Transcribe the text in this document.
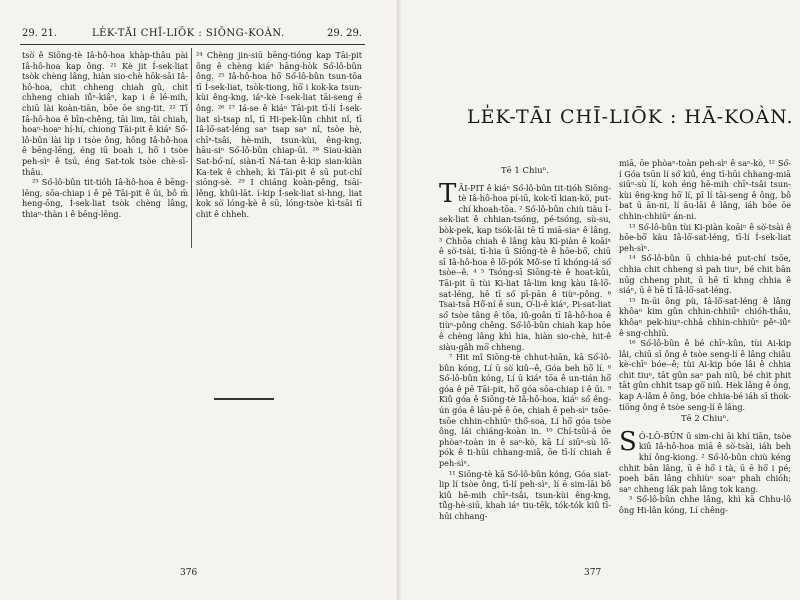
29. 21.	LE̍K-TĀI CHĪ-LIŌK : SIŌNG-KOÀN.	29. 29.

tsò͘ ê Siōng-tè Iâ-hô-hoa khàp-thâu pài Iâ-hô-hoa kap ông. ²¹ Kè jit Í-sek-liat tsòk chèng lâng, hiàn sio-chè hōk-sāi Iâ-hô-hoa, chit chheng chiah gû, chit chheng chiah iû̍ⁿ-kiâⁿ, kap i ê lé-mih, chiū lài koàn-tiān, bōe ōe sng-tit. ²² Tī Iâ-hô-hoa ê bīn-chêng, tāi lim, tāi chiah, hoaⁿ-hoaⁿ hí-hí, chiong Tāi-pit ê kiáⁿ Só͘-lô-bûn lài lip i tsòe ông, hông Iâ-hô-hoa ê bēng-lēng, éng iū boah i, hō͘ i tsòe peh-sìⁿ ê tsú, éng Sat-tok tsòe chè-sī-thâu.

²³ Só͘-lô-bûn tit-tióh Iâ-hô-hoa ê bēng-lēng, sōa-chiap i ê pē Tāi-pit ê ūi, bô m̄ heng-ōng, Í-sek-liat tsòk chèng lâng, thiaⁿ-thàn i ê bēng-lēng.

²⁴ Chèng jin-siū bēng-tióng kap Tāi-pit ông ê chèng kiáⁿ hāng-hòk Só͘-lô-bûn ông. ²⁵ Iâ-hô-hoa hō͘ Só͘-lô-bûn tsun-tōa tī Í-sek-liat, tsòk-tiong, hō͘ i kok-ka tsun-kùi êng-kng, iáⁿ-kè Í-sek-liat tāi-seng ê ông. ²⁶ ²⁷ Iá-se ê kiáⁿ Tāi-pit tī-lí Í-sek-liat sì-tsap nî, tī Hi-pek-lûn chhit nî, tī Iâ-lō͘-sat-léng saⁿ tsap saⁿ nî, tsòe hè, chīⁿ-tsâi, hè-mih, tsun-kùi, êng-kng, hāu-siⁿ Só͘-lô-bûn chiap-ūi. ²⁸ Siau-kiàn Sat-bó͘-ní, siàn-tī Ná-tan ê-kip sian-kiàn Ka-tek ê chheh, kì Tāi-pit ê sū put-chî siōng-sè. ²⁹ I chiáng koàn-pêng, tsāi-lêng, khûi-lāt. í-kip Í-sek-liat sì-hng, liat kok sò͘ lóng-kè ê sū, lóng-tsòe kì-tsāi tī chit ê chheh.

376
LE̍K-TĀI CHĪ-LIŌK : HĀ-KOÀN.
Tē 1 Chiuⁿ.

TĀI-PIT ê kiáⁿ Só͘-lô-bûn tit-tióh Siōng-tè Iâ-hô-hoa pí-iū, kok-tī kian-kò͘, put-chí khoah-tōa. ² Só͘-lô-bûn chiù tiàu Í-sek-liat ê chhian-tsóng, pé-tsóng, sù-su, bòk-pek, kap tsók-lāi tē tī miā-siaⁿ ê lâng. ³ Chhōa chiah ê lâng kàu Ki-piàn ê koāiⁿ ê sò͘-tsài, tī-hia ū Siōng-tè ê hōe-bō͘, chiū sī Iâ-hô-hoa ê lō͘-pók Mô͘-se tī khóng-iá só͘ tsòe--ê. ⁴ ⁵ Tsóng-sī Siōng-tè ê hoat-kūi, Tāi-pit ū tùi Ki-liat Iâ-lim kng kàu Iâ-lō͘-sat-léng, hē tī só͘ pī-pān ê tiùⁿ-pông. ⁶ Tsai-tsā Hô͘-ní ê sun, O͘-li-ê kiáⁿ, Pi-sat-liat só͘ tsòe tâng ê tôa, iû-goân tī Iâ-hô-hoa ê tiùⁿ-pông chêng. Só͘-lô-bûn chiah kap hōe ê chèng lâng khì hia, hiàn sio-chè, hit-ê siàu-gâh mō͘ chheng.

⁷ Hit mî Siōng-tè chhut-hiān, kā Só͘-lô-bûn kóng, Lí ū sò͘ kiû--ê, Góa beh hō͘ lí. ⁸ Só͘-lô-bûn kóng, Lí ū kiáⁿ tōa ê un-tián hō͘ góa ê pē Tāi-pit, hō͘ góa sōa-chiap i ê ūi. ⁹ Kiû góa ê Siōng-tè Iâ-hô-hoa, kiáⁿ só͘ êng-ún góa ê lāu-pē ê ōe, chiah ê peh-sìⁿ tsōe-tsōe chhin-chhiūⁿ thô͘-soa, Lí hō͘ góa tsòe ông, lái chiáng-koàn in. ¹⁰ Chí-tsūi-á ōe phòaⁿ-toàn in ê saⁿ-kò, kā Lí siūⁿ-sù lō͘-pók ê ti-hūi chhang-miā, ōe tī-lí chiah ê peh-sìⁿ.

¹¹ Siōng-tè kā Só͘-lô-bûn kóng, Góa siat-lip lí tsòe ông, tī-lí peh-sìⁿ, lí ē sim-lāi bô kiû hē-mih chīⁿ-tsâi, tsun-kùi êng-kng, tû̍g-hè-siū, khah iáⁿ tiu-tēk, tók-tók kiû tī-hūi chhang-

miā, ōe phòaⁿ-toàn peh-sìⁿ ê saⁿ-kò, ¹² Só͘-í Góa tsūn lí só͘ kiû, éng tī-hūi chhang-miā siūⁿ-sù lí, koh éng hē-mih chīⁿ-tsâi tsun-kùi êng-kng hō͘ lí, pī lí tāi-seng ê ông, bô bat ū ān-ni, lí āu-lāi ê lâng, iáh bōe ōe chhin-chhiūⁿ án-ni.

¹³ Só͘-lô-bûn tùi Ki-piàn koāiⁿ ê sò͘-tsài ê hōe-bō͘ kàu Iâ-lō͘-sat-léng, tī-lí Í-sek-liat peh-sìⁿ.

¹⁴ Só͘-lô-bûn ū chhia-bé put-chí tsōe, chhia chit chheng sì pah tiuⁿ, bé chit bān nūg chheng phit, ū hē tī khng chhia ê siáⁿ, ū ê hē tī Iâ-lō͘-sat-léng.

¹⁵ In-ūi ông pù, Iâ-lō͘-sat-léng ê lâng khôaⁿ kim gûn chhin-chhiūⁿ chióh-thâu, khôaⁿ pek-hiuⁿ-chhâ chhin-chhiūⁿ pêⁿ-iû̍ⁿ ê sng-chhiū.

¹⁶ Só͘-lô-bûn ê bé chīⁿ-kûn, tùi Ai-kip lâi, chiū sī ông ê tsòe seng-lí ê lâng chiâu kè-chīⁿ bóe--ê; tùi Ai-kip bóe lâi ê chhia chit tiuⁿ, tāt gûn saⁿ pah niû, bé chit phit tāt gûn chhit tsap gō͘ niû. Hek lâng ê ōng, kap A-lâm ê ōng, bóe chhia-bé iáh sī thok-tiōng ông ê tsòe seng-lí ê lâng.

Tē 2 Chiuⁿ.

S Ó-LÔ-BÛN ū sim-chi āi khí tiān, tsòe kiû Iâ-hô-hoa miā ê sò͘-tsài, iáh beh khí ông-kiong. ² Só͘-lô-bûn chiù kéng chhit bān lâng, ū ē hō͘ i tà, ū ē hō͘ i pé; poeh bān lâng chhiùⁿ soaⁿ phah chióh; saⁿ chheng lák pah lâng tok kang.

³ Só͘-lô-bûn chhe lâng, khì kā Chhu-lô ông Hi-lân kóng, Lí chêng-

377
